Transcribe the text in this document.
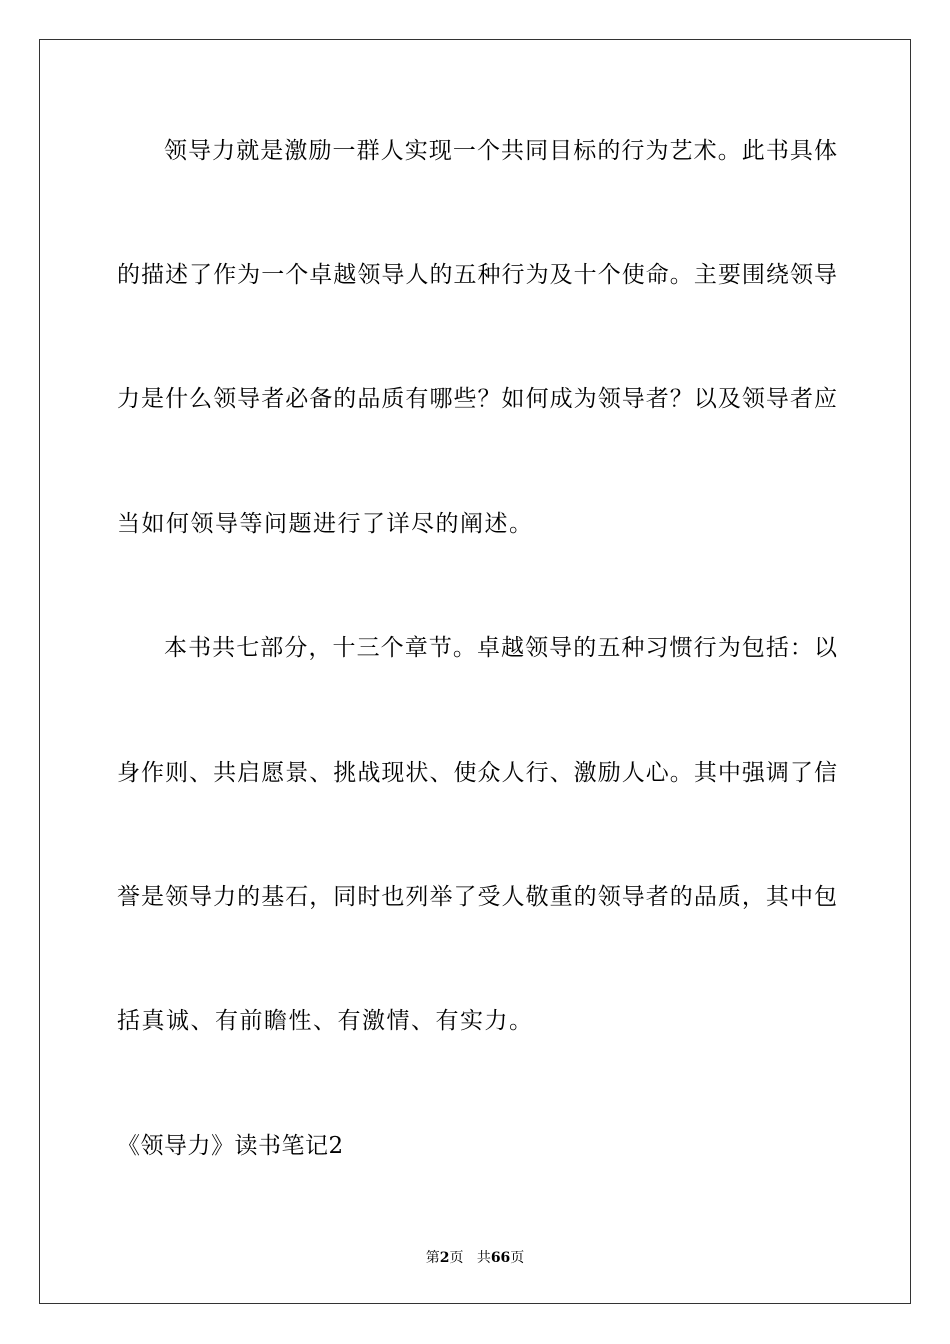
领导力就是激励一群人实现一个共同目标的行为艺术。此书具体

的描述了作为一个卓越领导人的五种行为及十个使命。主要围绕领导

力是什么领导者必备的品质有哪些？如何成为领导者？以及领导者应

当如何领导等问题进行了详尽的阐述。

本书共七部分，十三个章节。卓越领导的五种习惯行为包括：以

身作则、共启愿景、挑战现状、使众人行、激励人心。其中强调了信

誉是领导力的基石，同时也列举了受人敬重的领导者的品质，其中包

括真诚、有前瞻性、有激情、有实力。

《领导力》读书笔记2

第2页 共66页
